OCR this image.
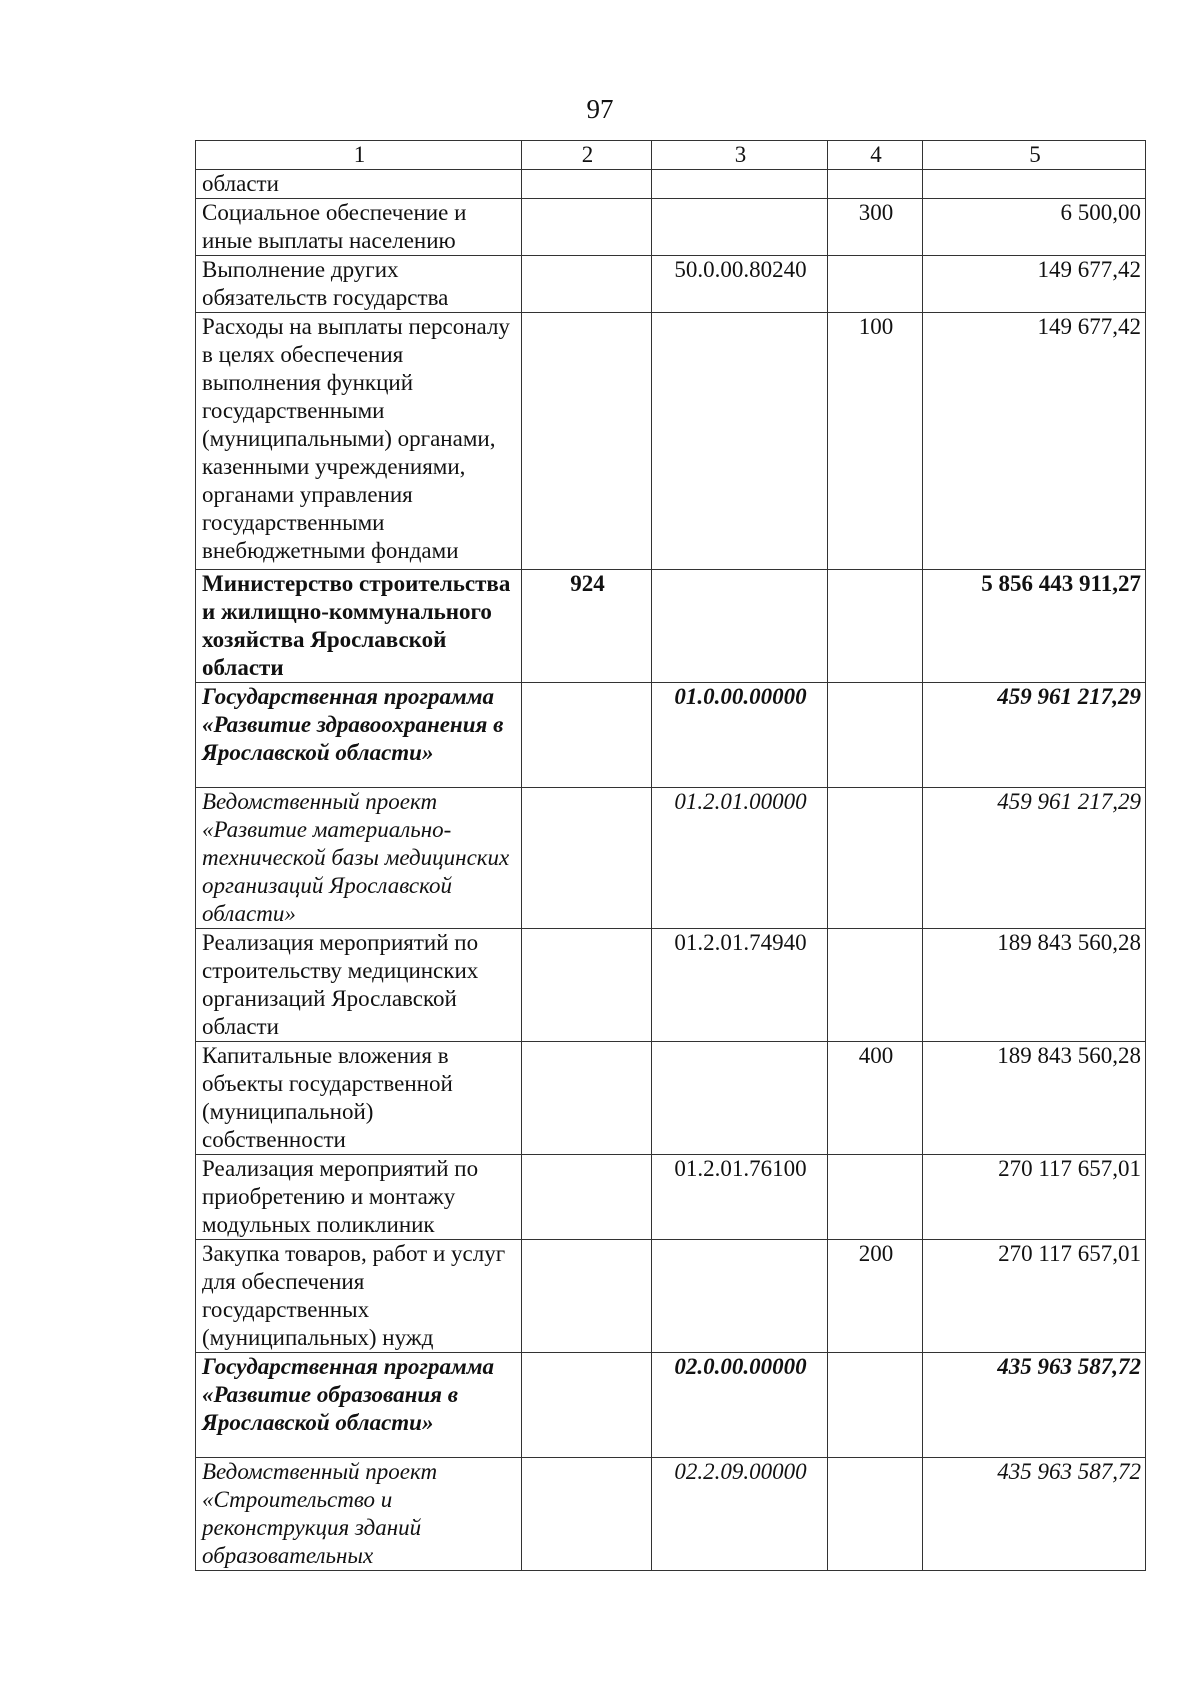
97
1	2	3	4	5
области				
Социальное обеспечение и иные выплаты населению			300	6 500,00
Выполнение других обязательств государства		50.0.00.80240		149 677,42
Расходы на выплаты персоналу в целях обеспечения выполнения функций государственными (муниципальными) органами, казенными учреждениями, органами управления государственными внебюджетными фондами			100	149 677,42
Министерство строительства и жилищно-коммунального хозяйства Ярославской области	924			5 856 443 911,27
Государственная программа «Развитие здравоохранения в Ярославской области»		01.0.00.00000		459 961 217,29
Ведомственный проект «Развитие материально-технической базы медицинских организаций Ярославской области»		01.2.01.00000		459 961 217,29
Реализация мероприятий по строительству медицинских организаций Ярославской области		01.2.01.74940		189 843 560,28
Капитальные вложения в объекты государственной (муниципальной) собственности			400	189 843 560,28
Реализация мероприятий по приобретению и монтажу модульных поликлиник		01.2.01.76100		270 117 657,01
Закупка товаров, работ и услуг для обеспечения государственных (муниципальных) нужд			200	270 117 657,01
Государственная программа «Развитие образования в Ярославской области»		02.0.00.00000		435 963 587,72
Ведомственный проект «Строительство и реконструкция зданий образовательных		02.2.09.00000		435 963 587,72
